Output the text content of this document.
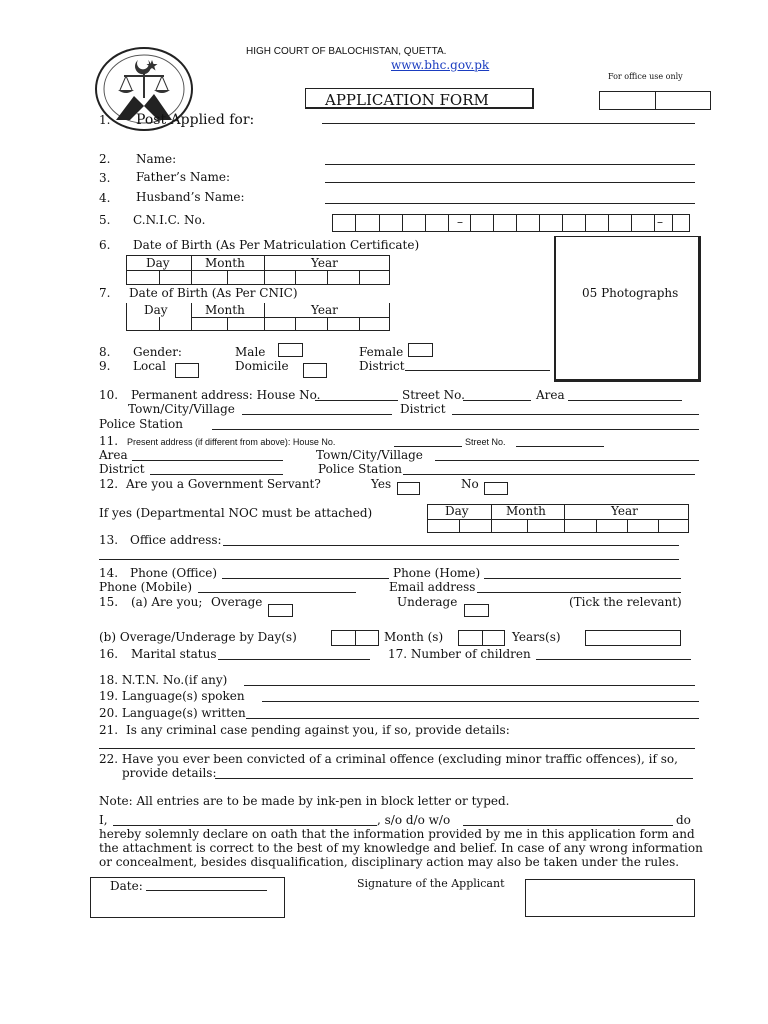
HIGH COURT OF BALOCHISTAN, QUETTA.
www.bhc.gov.pk
For office use only
APPLICATION FORM
1. Post Applied for:
2. Name:
3. Father’s Name:
4. Husband’s Name:
5. C.N.I.C. No.	–	–
05 Photographs
6. Date of Birth (As Per Matriculation Certificate)
Day	Month	Year
7. Date of Birth (As Per CNIC)
Day	Month	Year
8. Gender:	Male	Female
9. Local	Domicile	District
10. Permanent address: House No.	Street No.	Area
Town/City/Village	District
Police Station
11. Present address (if different from above): House No.	Street No.
Area	Town/City/Village
District	Police Station
12. Are you a Government Servant?	Yes	No
If yes (Departmental NOC must be attached)	Day	Month	Year
13. Office address:
14. Phone (Office)	Phone (Home)
Phone (Mobile)	Email address
15. (a) Are you; Overage	Underage	(Tick the relevant)
(b) Overage/Underage by Day(s)	Month (s)	Years(s)
16. Marital status	17. Number of children
18. N.T.N. No.(if any)
19. Language(s) spoken
20. Language(s) written
21. Is any criminal case pending against you, if so, provide details:
22. Have you ever been convicted of a criminal offence (excluding minor traffic offences), if so,
provide details:
Note: All entries are to be made by ink-pen in block letter or typed.
I,	, s/o d/o w/o	do
hereby solemnly declare on oath that the information provided by me in this application form and
the attachment is correct to the best of my knowledge and belief. In case of any wrong information
or concealment, besides disqualification, disciplinary action may also be taken under the rules.
Date:	Signature of the Applicant
